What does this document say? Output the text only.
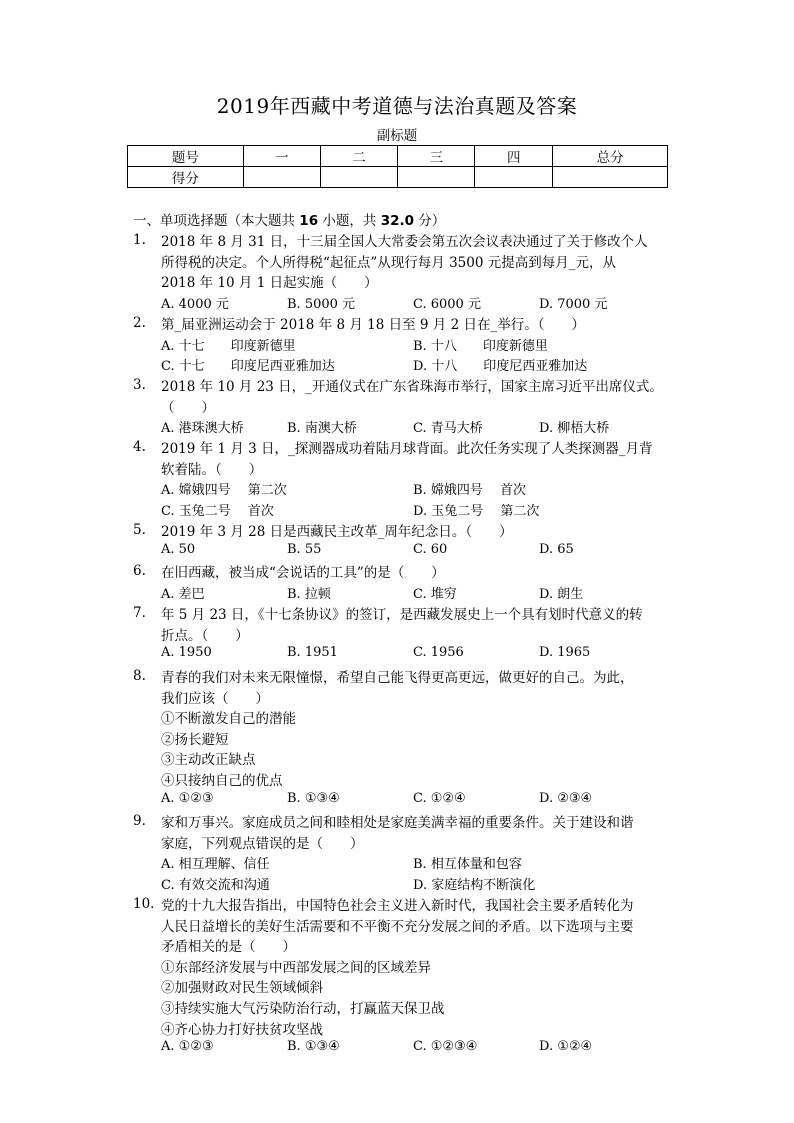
2019年西藏中考道德与法治真题及答案
副标题
题号	一	二	三	四	总分
得分					
一、单项选择题（本大题共 16 小题，共 32.0 分）
1. 2018 年 8 月 31 日，十三届全国人大常委会第五次会议表决通过了关于修改个人
所得税的决定。个人所得税“起征点”从现行每月 3500 元提高到每月_元，从
2018 年 10 月 1 日起实施（　　）
A. 4000 元	B. 5000 元	C. 6000 元	D. 7000 元
2. 第_届亚洲运动会于 2018 年 8 月 18 日至 9 月 2 日在_举行。（　　）
A. 十七　　印度新德里	B. 十八　　印度新德里
C. 十七　　印度尼西亚雅加达	D. 十八　　印度尼西亚雅加达
3. 2018 年 10 月 23 日，_开通仪式在广东省珠海市举行，国家主席习近平出席仪式。
（　　）
A. 港珠澳大桥	B. 南澳大桥	C. 青马大桥	D. 柳梧大桥
4. 2019 年 1 月 3 日，_探测器成功着陆月球背面。此次任务实现了人类探测器_月背
软着陆。（　　）
A. 嫦娥四号　 第二次	B. 嫦娥四号　 首次
C. 玉兔二号　 首次	D. 玉兔二号　 第二次
5. 2019 年 3 月 28 日是西藏民主改革_周年纪念日。（　　）
A. 50	B. 55	C. 60	D. 65
6. 在旧西藏，被当成“会说话的工具”的是（　　）
A. 差巴	B. 拉顿	C. 堆穷	D. 朗生
7. 年 5 月 23 日，《十七条协议》的签订，是西藏发展史上一个具有划时代意义的转
折点。（　　）
A. 1950	B. 1951	C. 1956	D. 1965
8. 青春的我们对未来无限憧憬，希望自己能飞得更高更远，做更好的自己。为此，
我们应该（　　）
①不断激发自己的潜能
②扬长避短
③主动改正缺点
④只接纳自己的优点
A. ①②③	B. ①③④	C. ①②④	D. ②③④
9. 家和万事兴。家庭成员之间和睦相处是家庭美满幸福的重要条件。关于建设和谐
家庭，下列观点错误的是（　　）
A. 相互理解、信任	B. 相互体量和包容
C. 有效交流和沟通	D. 家庭结构不断演化
10. 党的十九大报告指出，中国特色社会主义进入新时代，我国社会主要矛盾转化为
人民日益增长的美好生活需要和不平衡不充分发展之间的矛盾。以下选项与主要
矛盾相关的是（　　）
①东部经济发展与中西部发展之间的区域差异
②加强财政对民生领域倾斜
③持续实施大气污染防治行动，打赢蓝天保卫战
④齐心协力打好扶贫攻坚战
A. ①②③	B. ①③④	C. ①②③④	D. ①②④
